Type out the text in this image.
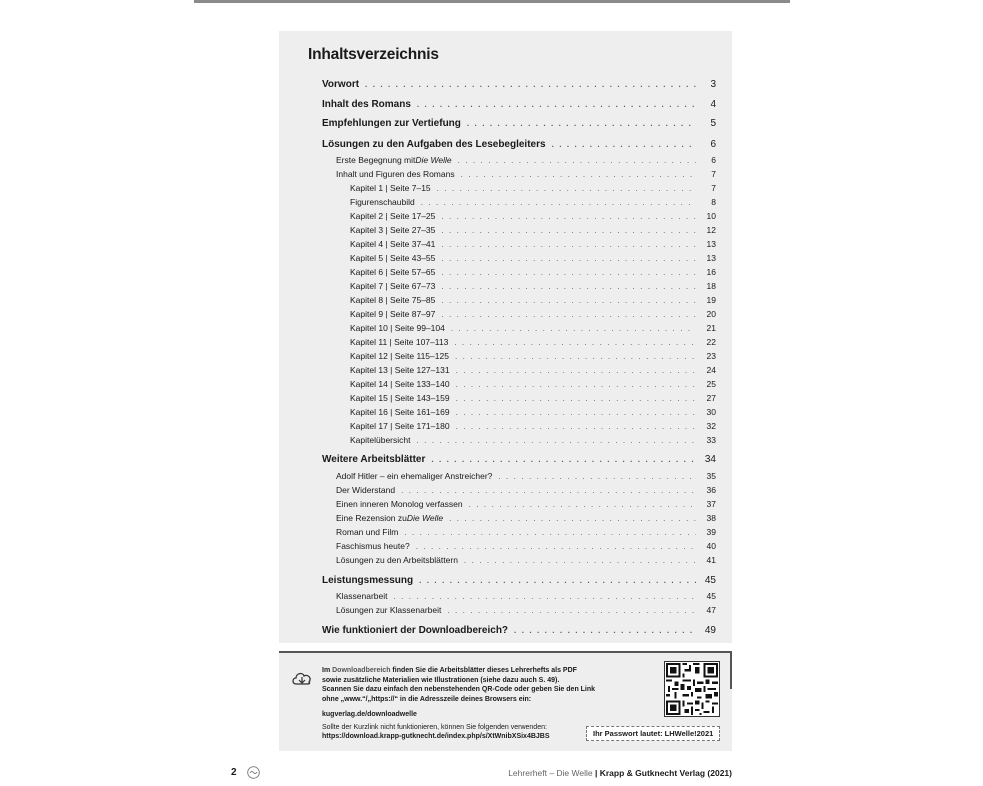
Inhaltsverzeichnis
Vorwort . . .	3
Inhalt des Romans . . .	4
Empfehlungen zur Vertiefung . . .	5
Lösungen zu den Aufgaben des Lesebegleiters . . .	6
Erste Begegnung mit Die Welle . . .	6
Inhalt und Figuren des Romans . . .	7
Kapitel 1 | Seite 7–15 . . .	7
Figurenschaubild . . .	8
Kapitel 2 | Seite 17–25 . . .	10
Kapitel 3 | Seite 27–35 . . .	12
Kapitel 4 | Seite 37–41 . . .	13
Kapitel 5 | Seite 43–55 . . .	13
Kapitel 6 | Seite 57–65 . . .	16
Kapitel 7 | Seite 67–73 . . .	18
Kapitel 8 | Seite 75–85 . . .	19
Kapitel 9 | Seite 87–97 . . .	20
Kapitel 10 | Seite 99–104 . . .	21
Kapitel 11 | Seite 107–113 . . .	22
Kapitel 12 | Seite 115–125 . . .	23
Kapitel 13 | Seite 127–131 . . .	24
Kapitel 14 | Seite 133–140 . . .	25
Kapitel 15 | Seite 143–159 . . .	27
Kapitel 16 | Seite 161–169 . . .	30
Kapitel 17 | Seite 171–180 . . .	32
Kapitelübersicht . . .	33
Weitere Arbeitsblätter . . .	34
Adolf Hitler – ein ehemaliger Anstreicher? . . .	35
Der Widerstand . . .	36
Einen inneren Monolog verfassen . . .	37
Eine Rezension zu Die Welle . . .	38
Roman und Film . . .	39
Faschismus heute? . . .	40
Lösungen zu den Arbeitsblättern . . .	41
Leistungsmessung . . .	45
Klassenarbeit . . .	45
Lösungen zur Klassenarbeit . . .	47
Wie funktioniert der Downloadbereich? . . .	49
Im Downloadbereich finden Sie die Arbeitsblätter dieses Lehrerhefts als PDF
sowie zusätzliche Materialien wie Illustrationen (siehe dazu auch S. 49).
Scannen Sie dazu einfach den nebenstehenden QR-Code oder geben Sie den Link
ohne „www.“/„https://“ in die Adresszeile deines Browsers ein:
kugverlag.de/downloadwelle
Sollte der Kurzlink nicht funktionieren, können Sie folgenden verwenden:
https://download.krapp-gutknecht.de/index.php/s/XtWnibXSix4BJBS	Ihr Passwort lautet: LHWelle!2021
2	Lehrerheft – Die Welle | Krapp & Gutknecht Verlag (2021)
